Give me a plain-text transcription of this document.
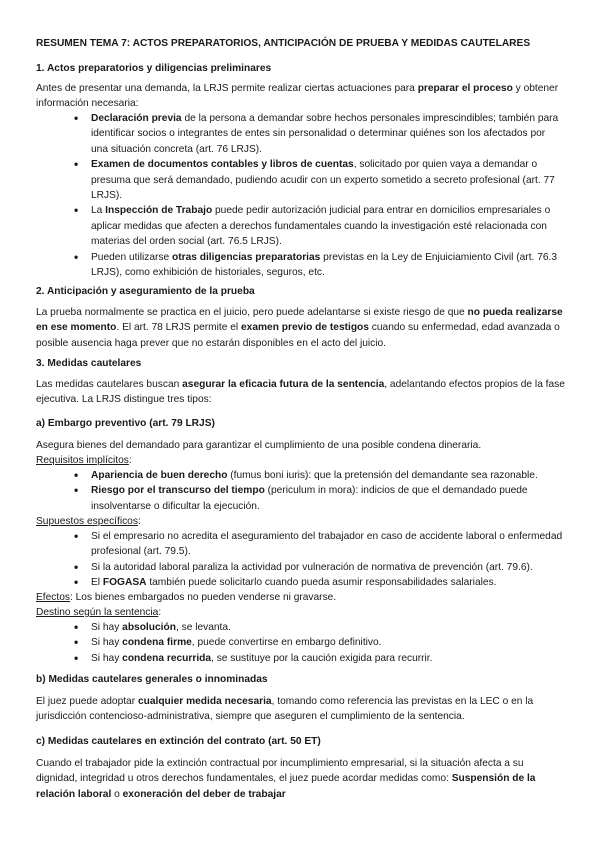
RESUMEN TEMA 7: ACTOS PREPARATORIOS, ANTICIPACIÓN DE PRUEBA Y MEDIDAS CAUTELARES

1. Actos preparatorios y diligencias preliminares

Antes de presentar una demanda, la LRJS permite realizar ciertas actuaciones para preparar el proceso y obtener información necesaria:

• Declaración previa de la persona a demandar sobre hechos personales imprescindibles; también para identificar socios o integrantes de entes sin personalidad o determinar quiénes son los afectados por una situación concreta (art. 76 LRJS).
• Examen de documentos contables y libros de cuentas, solicitado por quien vaya a demandar o presuma que será demandado, pudiendo acudir con un experto sometido a secreto profesional (art. 77 LRJS).
• La Inspección de Trabajo puede pedir autorización judicial para entrar en domicilios empresariales o aplicar medidas que afecten a derechos fundamentales cuando la investigación esté relacionada con materias del orden social (art. 76.5 LRJS).
• Pueden utilizarse otras diligencias preparatorias previstas en la Ley de Enjuiciamiento Civil (art. 76.3 LRJS), como exhibición de historiales, seguros, etc.

2. Anticipación y aseguramiento de la prueba

La prueba normalmente se practica en el juicio, pero puede adelantarse si existe riesgo de que no pueda realizarse en ese momento. El art. 78 LRJS permite el examen previo de testigos cuando su enfermedad, edad avanzada o posible ausencia haga prever que no estarán disponibles en el acto del juicio.

3. Medidas cautelares

Las medidas cautelares buscan asegurar la eficacia futura de la sentencia, adelantando efectos propios de la fase ejecutiva. La LRJS distingue tres tipos:

a) Embargo preventivo (art. 79 LRJS)

Asegura bienes del demandado para garantizar el cumplimiento de una posible condena dineraria.

Requisitos implícitos:

• Apariencia de buen derecho (fumus boni iuris): que la pretensión del demandante sea razonable.
• Riesgo por el transcurso del tiempo (periculum in mora): indicios de que el demandado puede insolventarse o dificultar la ejecución.

Supuestos específicos:

• Si el empresario no acredita el aseguramiento del trabajador en caso de accidente laboral o enfermedad profesional (art. 79.5).
• Si la autoridad laboral paraliza la actividad por vulneración de normativa de prevención (art. 79.6).
• El FOGASA también puede solicitarlo cuando pueda asumir responsabilidades salariales.

Efectos: Los bienes embargados no pueden venderse ni gravarse.

Destino según la sentencia:

• Si hay absolución, se levanta.
• Si hay condena firme, puede convertirse en embargo definitivo.
• Si hay condena recurrida, se sustituye por la caución exigida para recurrir.

b) Medidas cautelares generales o innominadas

El juez puede adoptar cualquier medida necesaria, tomando como referencia las previstas en la LEC o en la jurisdicción contencioso-administrativa, siempre que aseguren el cumplimiento de la sentencia.

c) Medidas cautelares en extinción del contrato (art. 50 ET)

Cuando el trabajador pide la extinción contractual por incumplimiento empresarial, si la situación afecta a su dignidad, integridad u otros derechos fundamentales, el juez puede acordar medidas como: Suspensión de la relación laboral o exoneración del deber de trabajar
